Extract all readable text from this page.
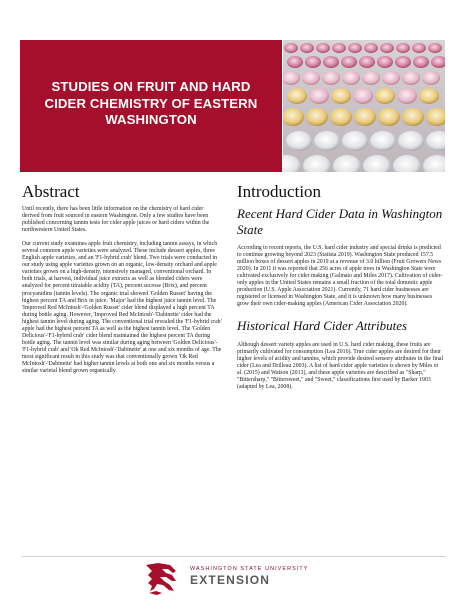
STUDIES ON FRUIT AND HARD CIDER CHEMISTRY OF EASTERN WASHINGTON
Abstract

Until recently, there has been little information on the chemistry of hard cider derived from fruit sourced in eastern Washington. Only a few studies have been published concerning tannin tests for cider apple juices or hard ciders within the northwestern United States.

Our current study examines apple fruit chemistry, including tannin assays, in which several common apple varieties were analyzed. These include dessert apples, three English apple varieties, and an 'F1-hybrid crab' blend. Two trials were conducted in our study using apple varieties grown on an organic, low-density orchard and apple varieties grown on a high-density, intensively managed, conventional orchard. In both trials, at harvest, individual juice extracts as well as blended ciders were analyzed for percent titratable acidity (TA), percent sucrose (Brix), and percent procyanidins (tannin levels). The organic trial showed 'Golden Russet' having the highest percent TA and Brix in juice. 'Major' had the highest juice tannin level. The 'Improved Red McIntosh'-'Golden Russet' cider blend displayed a high percent TA during bottle aging. However, 'Improved Red McIntosh'-'Dabinette' cider had the highest tannin level during aging. The conventional trial revealed the 'F1-hybrid crab' apple had the highest percent TA as well as the highest tannin level. The 'Golden Delicious'-'F1-hybrid crab' cider blend maintained the highest percent TA during bottle aging. The tannin level was similar during aging between 'Golden Delicious'-'F1-hybrid crab' and 'Ok Red McIntosh'-'Dabinette' at one and six months of age. The most significant result in this study was that conventionally grown 'Ok Red McIntosh'-'Dabinette' had higher tannin levels at both one and six months versus a similar varietal blend grown organically.

Introduction
Recent Hard Cider Data in Washington State

According to recent reports, the U.S. hard cider industry and special drinks is predicted to continue growing beyond 2023 (Statista 2019). Washington State produced 157.5 million boxes of dessert apples in 2019 at a revenue of 3.0 billion (Fruit Growers News 2020). In 2011 it was reported that 256 acres of apple trees in Washington State were cultivated exclusively for cider making (Galinato and Miles 2017). Cultivation of cider-only apples in the United States remains a small fraction of the total domestic apple production (U.S. Apple Association 2021). Currently, 71 hard cider businesses are registered or licensed in Washington State, and it is unknown how many businesses grow their own cider-making apples (American Cider Association 2020).

Historical Hard Cider Attributes

Although dessert variety apples are used in U.S. hard cider making, these fruits are primarily cultivated for consumption (Lea 2016). True cider apples are desired for their higher levels of acidity and tannins, which provide desired sensory attributes in the final cider (Lea and Drilleau 2003). A list of hard cider apple varieties is shown by Miles et al. (2015) and Watson (2013), and these apple varieties are described as "Sharp," "Bittersharp," "Bittersweet," and "Sweet," classifications first used by Barker 1903 (adapted by Lea, 2008).

WASHINGTON STATE UNIVERSITY
EXTENSION
